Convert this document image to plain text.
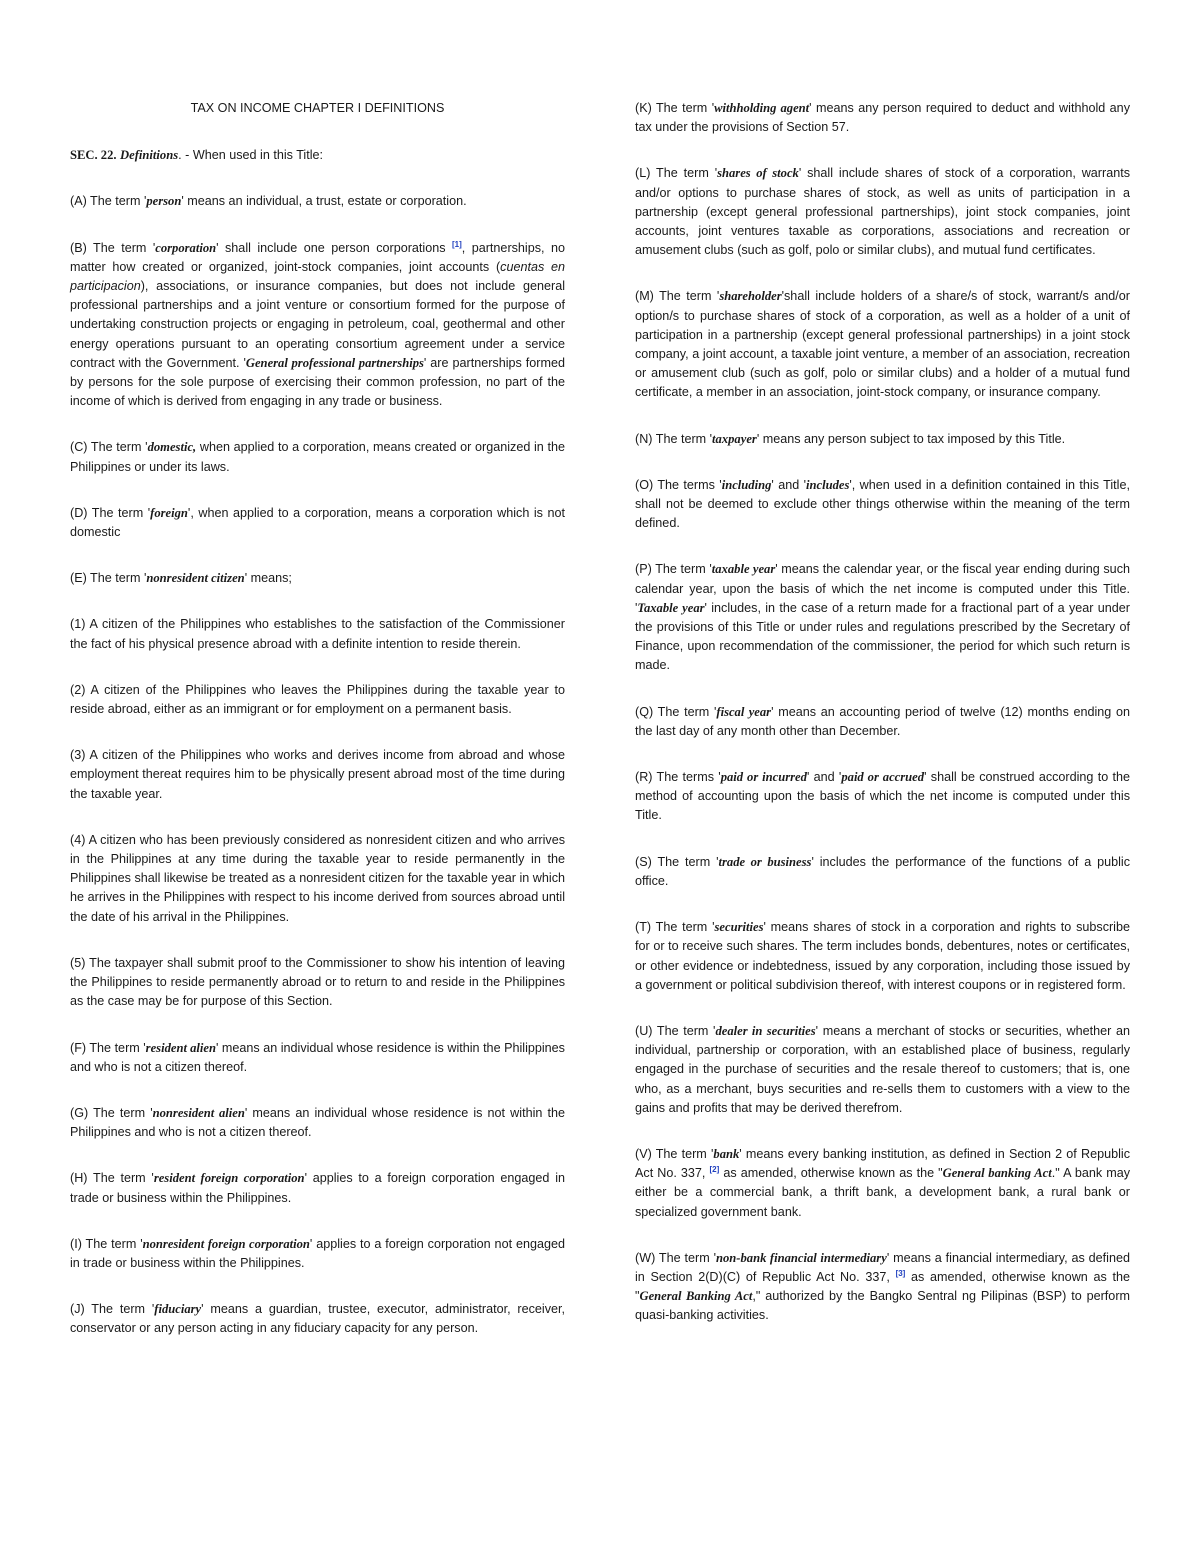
TAX ON INCOME CHAPTER I DEFINITIONS
SEC. 22. Definitions. - When used in this Title:
(A) The term 'person' means an individual, a trust, estate or corporation.
(B) The term 'corporation' shall include one person corporations [1], partnerships, no matter how created or organized, joint-stock companies, joint accounts (cuentas en participacion), associations, or insurance companies, but does not include general professional partnerships and a joint venture or consortium formed for the purpose of undertaking construction projects or engaging in petroleum, coal, geothermal and other energy operations pursuant to an operating consortium agreement under a service contract with the Government. 'General professional partnerships' are partnerships formed by persons for the sole purpose of exercising their common profession, no part of the income of which is derived from engaging in any trade or business.
(C) The term 'domestic, when applied to a corporation, means created or organized in the Philippines or under its laws.
(D) The term 'foreign', when applied to a corporation, means a corporation which is not domestic
(E) The term 'nonresident citizen' means;
(1) A citizen of the Philippines who establishes to the satisfaction of the Commissioner the fact of his physical presence abroad with a definite intention to reside therein.
(2) A citizen of the Philippines who leaves the Philippines during the taxable year to reside abroad, either as an immigrant or for employment on a permanent basis.
(3) A citizen of the Philippines who works and derives income from abroad and whose employment thereat requires him to be physically present abroad most of the time during the taxable year.
(4) A citizen who has been previously considered as nonresident citizen and who arrives in the Philippines at any time during the taxable year to reside permanently in the Philippines shall likewise be treated as a nonresident citizen for the taxable year in which he arrives in the Philippines with respect to his income derived from sources abroad until the date of his arrival in the Philippines.
(5) The taxpayer shall submit proof to the Commissioner to show his intention of leaving the Philippines to reside permanently abroad or to return to and reside in the Philippines as the case may be for purpose of this Section.
(F) The term 'resident alien' means an individual whose residence is within the Philippines and who is not a citizen thereof.
(G) The term 'nonresident alien' means an individual whose residence is not within the Philippines and who is not a citizen thereof.
(H) The term 'resident foreign corporation' applies to a foreign corporation engaged in trade or business within the Philippines.
(I) The term 'nonresident foreign corporation' applies to a foreign corporation not engaged in trade or business within the Philippines.
(J) The term 'fiduciary' means a guardian, trustee, executor, administrator, receiver, conservator or any person acting in any fiduciary capacity for any person.
(K) The term 'withholding agent' means any person required to deduct and withhold any tax under the provisions of Section 57.
(L) The term 'shares of stock' shall include shares of stock of a corporation, warrants and/or options to purchase shares of stock, as well as units of participation in a partnership (except general professional partnerships), joint stock companies, joint accounts, joint ventures taxable as corporations, associations and recreation or amusement clubs (such as golf, polo or similar clubs), and mutual fund certificates.
(M) The term 'shareholder'shall include holders of a share/s of stock, warrant/s and/or option/s to purchase shares of stock of a corporation, as well as a holder of a unit of participation in a partnership (except general professional partnerships) in a joint stock company, a joint account, a taxable joint venture, a member of an association, recreation or amusement club (such as golf, polo or similar clubs) and a holder of a mutual fund certificate, a member in an association, joint-stock company, or insurance company.
(N) The term 'taxpayer' means any person subject to tax imposed by this Title.
(O) The terms 'including' and 'includes', when used in a definition contained in this Title, shall not be deemed to exclude other things otherwise within the meaning of the term defined.
(P) The term 'taxable year' means the calendar year, or the fiscal year ending during such calendar year, upon the basis of which the net income is computed under this Title. 'Taxable year' includes, in the case of a return made for a fractional part of a year under the provisions of this Title or under rules and regulations prescribed by the Secretary of Finance, upon recommendation of the commissioner, the period for which such return is made.
(Q) The term 'fiscal year' means an accounting period of twelve (12) months ending on the last day of any month other than December.
(R) The terms 'paid or incurred' and 'paid or accrued' shall be construed according to the method of accounting upon the basis of which the net income is computed under this Title.
(S) The term 'trade or business' includes the performance of the functions of a public office.
(T) The term 'securities' means shares of stock in a corporation and rights to subscribe for or to receive such shares. The term includes bonds, debentures, notes or certificates, or other evidence or indebtedness, issued by any corporation, including those issued by a government or political subdivision thereof, with interest coupons or in registered form.
(U) The term 'dealer in securities' means a merchant of stocks or securities, whether an individual, partnership or corporation, with an established place of business, regularly engaged in the purchase of securities and the resale thereof to customers; that is, one who, as a merchant, buys securities and re-sells them to customers with a view to the gains and profits that may be derived therefrom.
(V) The term 'bank' means every banking institution, as defined in Section 2 of Republic Act No. 337, [2] as amended, otherwise known as the "General banking Act." A bank may either be a commercial bank, a thrift bank, a development bank, a rural bank or specialized government bank.
(W) The term 'non-bank financial intermediary' means a financial intermediary, as defined in Section 2(D)(C) of Republic Act No. 337, [3] as amended, otherwise known as the "General Banking Act," authorized by the Bangko Sentral ng Pilipinas (BSP) to perform quasi-banking activities.
